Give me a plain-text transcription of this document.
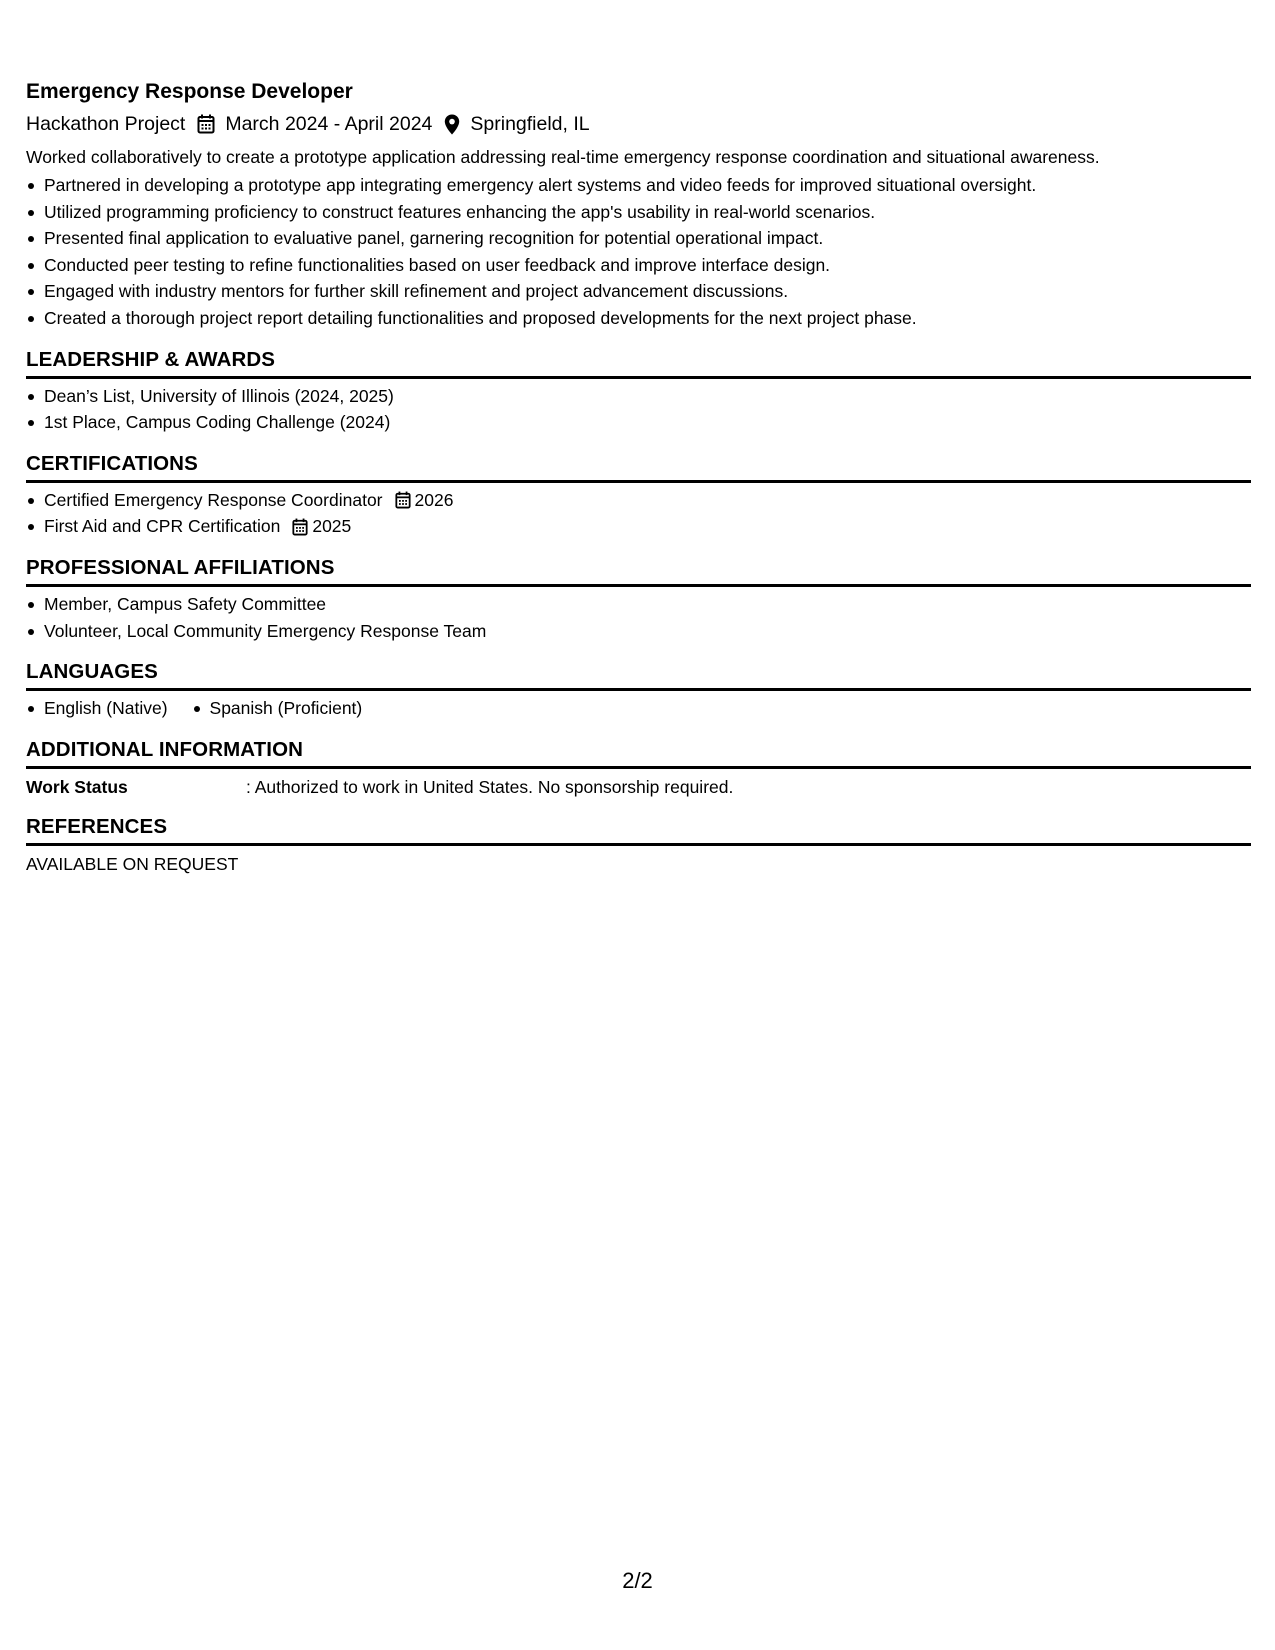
Emergency Response Developer
Hackathon Project March 2024 - April 2024 Springfield, IL
Worked collaboratively to create a prototype application addressing real-time emergency response coordination and situational awareness.
Partnered in developing a prototype app integrating emergency alert systems and video feeds for improved situational oversight.
Utilized programming proficiency to construct features enhancing the app's usability in real-world scenarios.
Presented final application to evaluative panel, garnering recognition for potential operational impact.
Conducted peer testing to refine functionalities based on user feedback and improve interface design.
Engaged with industry mentors for further skill refinement and project advancement discussions.
Created a thorough project report detailing functionalities and proposed developments for the next project phase.
LEADERSHIP & AWARDS
Dean’s List, University of Illinois (2024, 2025)
1st Place, Campus Coding Challenge (2024)
CERTIFICATIONS
Certified Emergency Response Coordinator 2026
First Aid and CPR Certification 2025
PROFESSIONAL AFFILIATIONS
Member, Campus Safety Committee
Volunteer, Local Community Emergency Response Team
LANGUAGES
English (Native)	Spanish (Proficient)
ADDITIONAL INFORMATION
Work Status	: Authorized to work in United States. No sponsorship required.
REFERENCES
AVAILABLE ON REQUEST
2/2
